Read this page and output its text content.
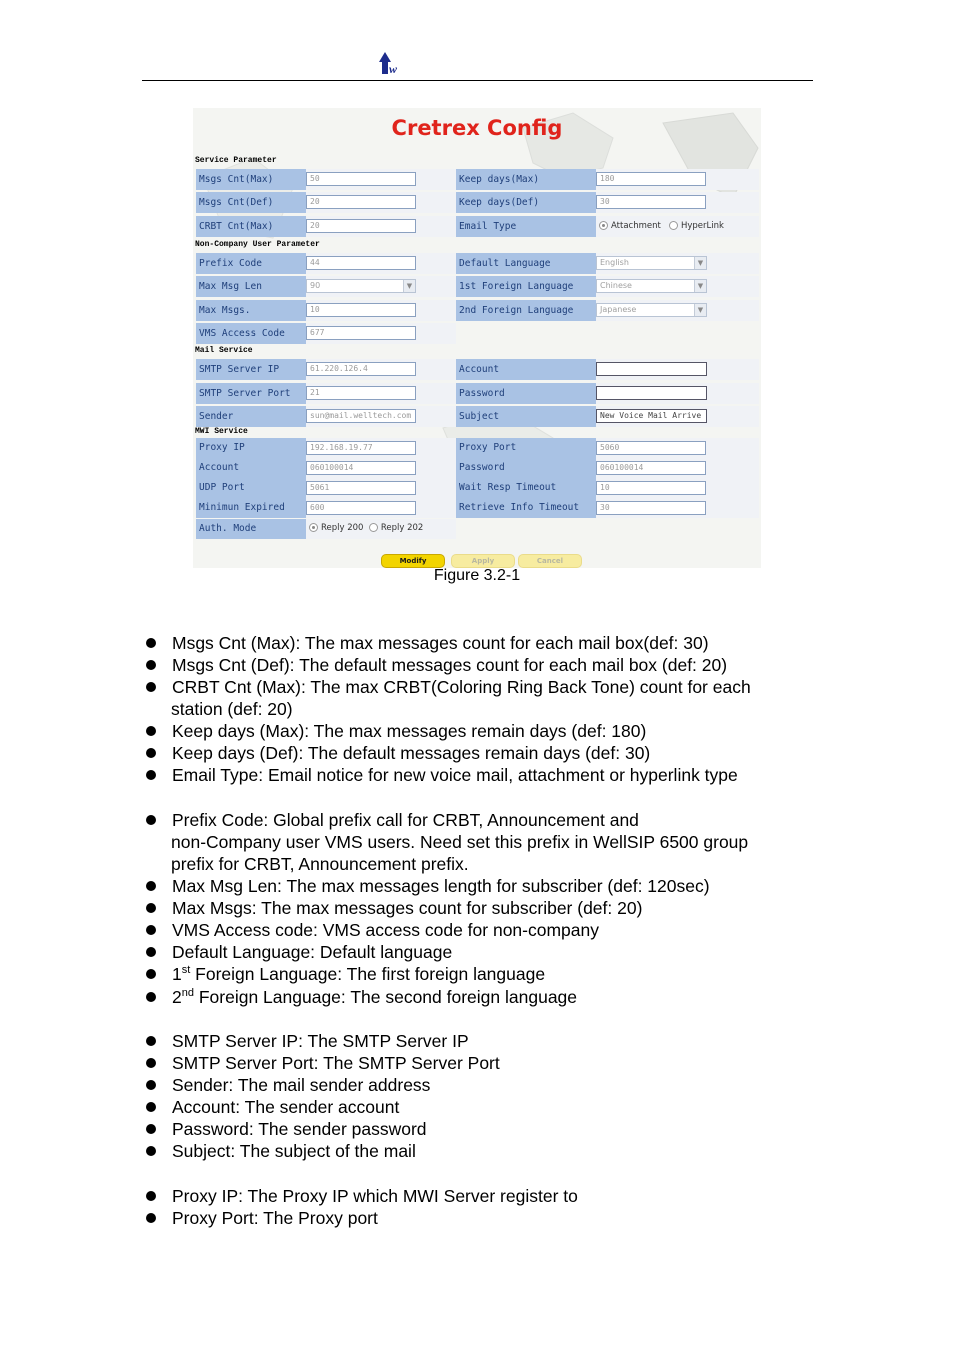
w
Cretrex Config
Service Parameter
Msgs Cnt(Max)	50	Keep days(Max)	180
Msgs Cnt(Def)	20	Keep days(Def)	30
CRBT Cnt(Max)	20	Email Type	Attachment HyperLink
Non-Company User Parameter
Prefix Code	44	Default Language	English	▼
Max Msg Len	90	▼	1st Foreign Language	Chinese	▼
Max Msgs.	10	2nd Foreign Language	Japanese	▼
VMS Access Code	677
Mail Service
SMTP Server IP	61.220.126.4	Account
SMTP Server Port	21	Password
Sender	sun@mail.welltech.com	Subject	New Voice Mail Arrive
MWI Service
Proxy IP	192.168.19.77	Proxy Port	5060
Account	060100014	Password	060100014
UDP Port	5061	Wait Resp Timeout	10
Minimun Expired	600	Retrieve Info Timeout	30
Auth. Mode	Reply 200 Reply 202
Modify	Apply	Cancel
Figure 3.2-1
Msgs Cnt (Max): The max messages count for each mail box(def: 30)
Msgs Cnt (Def): The default messages count for each mail box (def: 20)
CRBT Cnt (Max): The max CRBT(Coloring Ring Back Tone) count for each
station (def: 20)
Keep days (Max): The max messages remain days (def: 180)
Keep days (Def): The default messages remain days (def: 30)
Email Type: Email notice for new voice mail, attachment or hyperlink type
Prefix Code: Global prefix call for CRBT, Announcement and
non-Company user VMS users. Need set this prefix in WellSIP 6500 group
prefix for CRBT, Announcement prefix.
Max Msg Len: The max messages length for subscriber (def: 120sec)
Max Msgs: The max messages count for subscriber (def: 20)
VMS Access code: VMS access code for non-company
Default Language: Default language
1st Foreign Language: The first foreign language
2nd Foreign Language: The second foreign language
SMTP Server IP: The SMTP Server IP
SMTP Server Port: The SMTP Server Port
Sender: The mail sender address
Account: The sender account
Password: The sender password
Subject: The subject of the mail
Proxy IP: The Proxy IP which MWI Server register to
Proxy Port: The Proxy port
